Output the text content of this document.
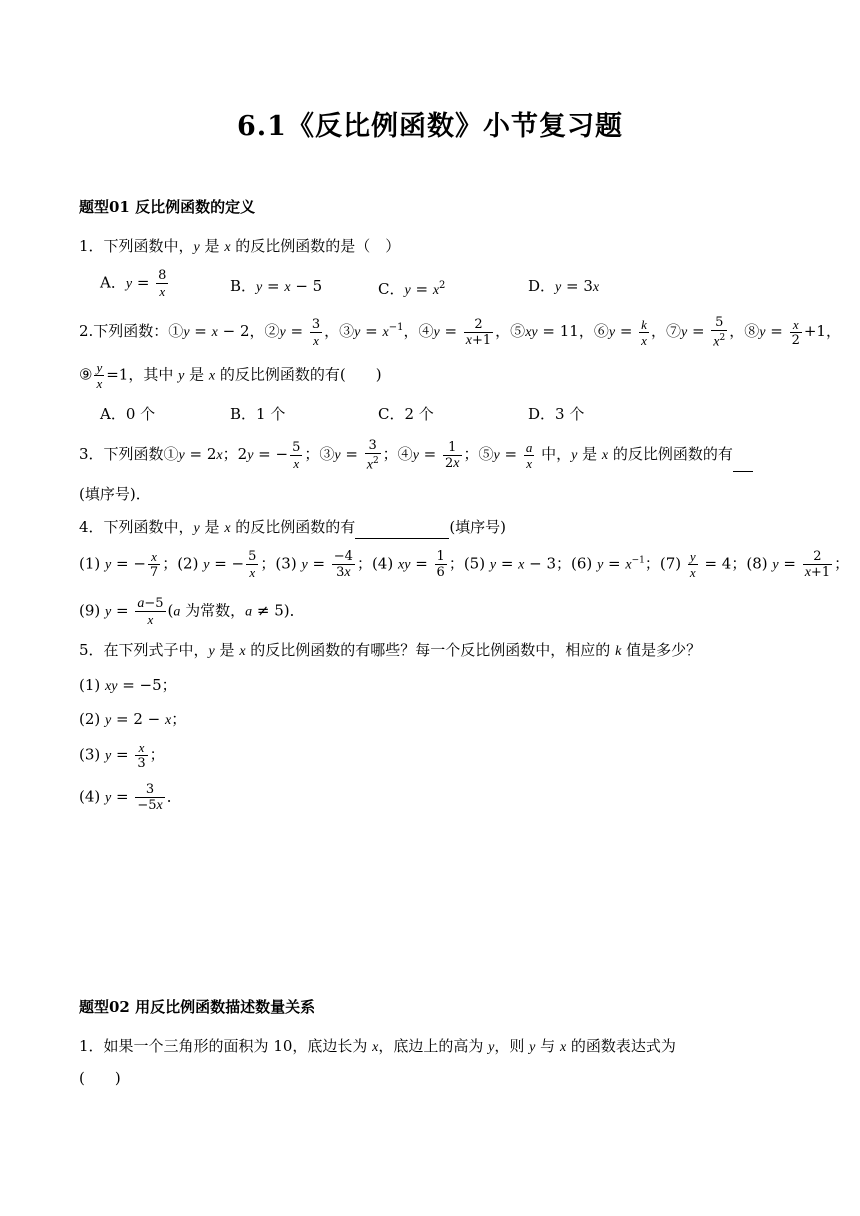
6.1《反比例函数》小节复习题
题型01 反比例函数的定义
1．下列函数中，y 是 x 的反比例函数的是（　）
A．$y = \frac{8}{x}$	B．y = x − 5	C．$y = x^2$	D．y = 3x
2.下列函数：①y = x − 2，②y = $\frac{3}{x}$ ，③y = $x^{-1}$，④y = $\frac{2}{x+1}$ ，⑤xy = 11，⑥y = $\frac{k}{x}$ ，⑦y = $\frac{5}{x^2}$ ，⑧y = $\frac{x}{2} +1$，
⑨ $\frac{y}{x} =1$，其中 y 是 x 的反比例函数的有(　　)
A．0 个	B．1 个	C．2 个	D．3 个
3．下列函数①y = 2x；2y = − $\frac{5}{x}$ ；③y = $\frac{3}{x^2}$ ；④y = $\frac{1}{2x}$ ；⑤y = $\frac{a}{x}$ 中，y 是 x 的反比例函数的有
(填序号)．
4．下列函数中，y 是 x 的反比例函数的有	(填序号)
(1) y = − $\frac{x}{7}$ ；(2) y = − $\frac{5}{x}$ ；(3) $y = \frac{-4}{3x}$ ；(4) xy = $\frac{1}{6}$ ；(5) y = x − 3；(6) $y = x^{-1}$；$(7) \frac{y}{x} = 4$；(8) $y = \frac{2}{x+1}$ ；
(9) $y = \frac{a-5}{x} (a$ 为常数，a ≠ 5)．
5．在下列式子中，y 是 x 的反比例函数的有哪些？每一个反比例函数中，相应的 k 值是多少？
(1) xy = −5；
(2) y = 2 − x；
(3) $y = \frac{x}{3}$ ；
(4) $y = \frac{3}{-5x}$ ．
题型02 用反比例函数描述数量关系
1．如果一个三角形的面积为 10，底边长为 x，底边上的高为 y，则 y 与 x 的函数表达式为
(　　)
